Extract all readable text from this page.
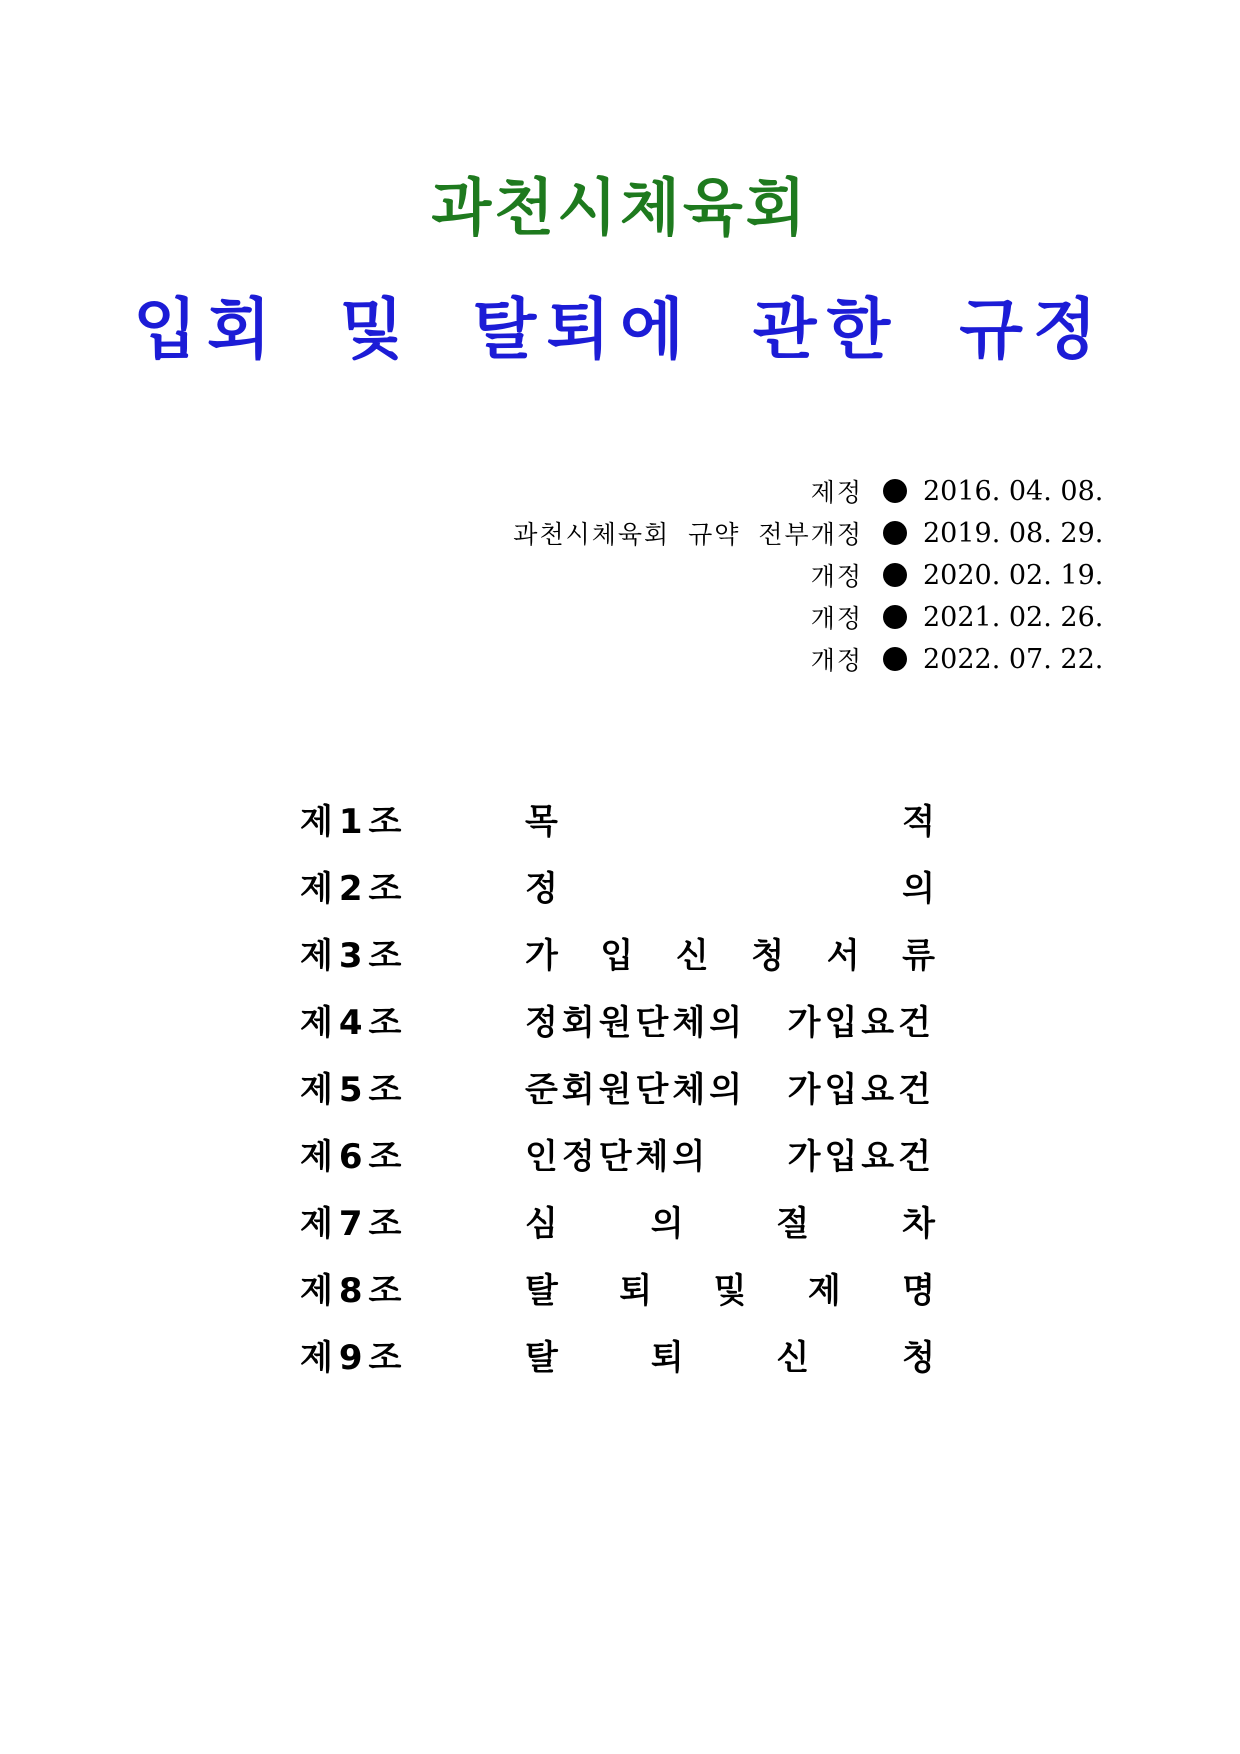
과천시체육회
입회 및 탈퇴에 관한 규정
제정 2016. 04. 08.
과천시체육회 규약 전부개정 2019. 08. 29.
개정 2020. 02. 19.
개정 2021. 02. 26.
개정 2022. 07. 22.
제1조	목	적
제2조	정	의
제3조	가 입 신 청 서 류
제4조	정회원단체의 가입요건
제5조	준회원단체의 가입요건
제6조	인정단체의 가입요건
제7조	심	의	절	차
제8조	탈 퇴 및 제 명
제9조	탈	퇴	신	청
